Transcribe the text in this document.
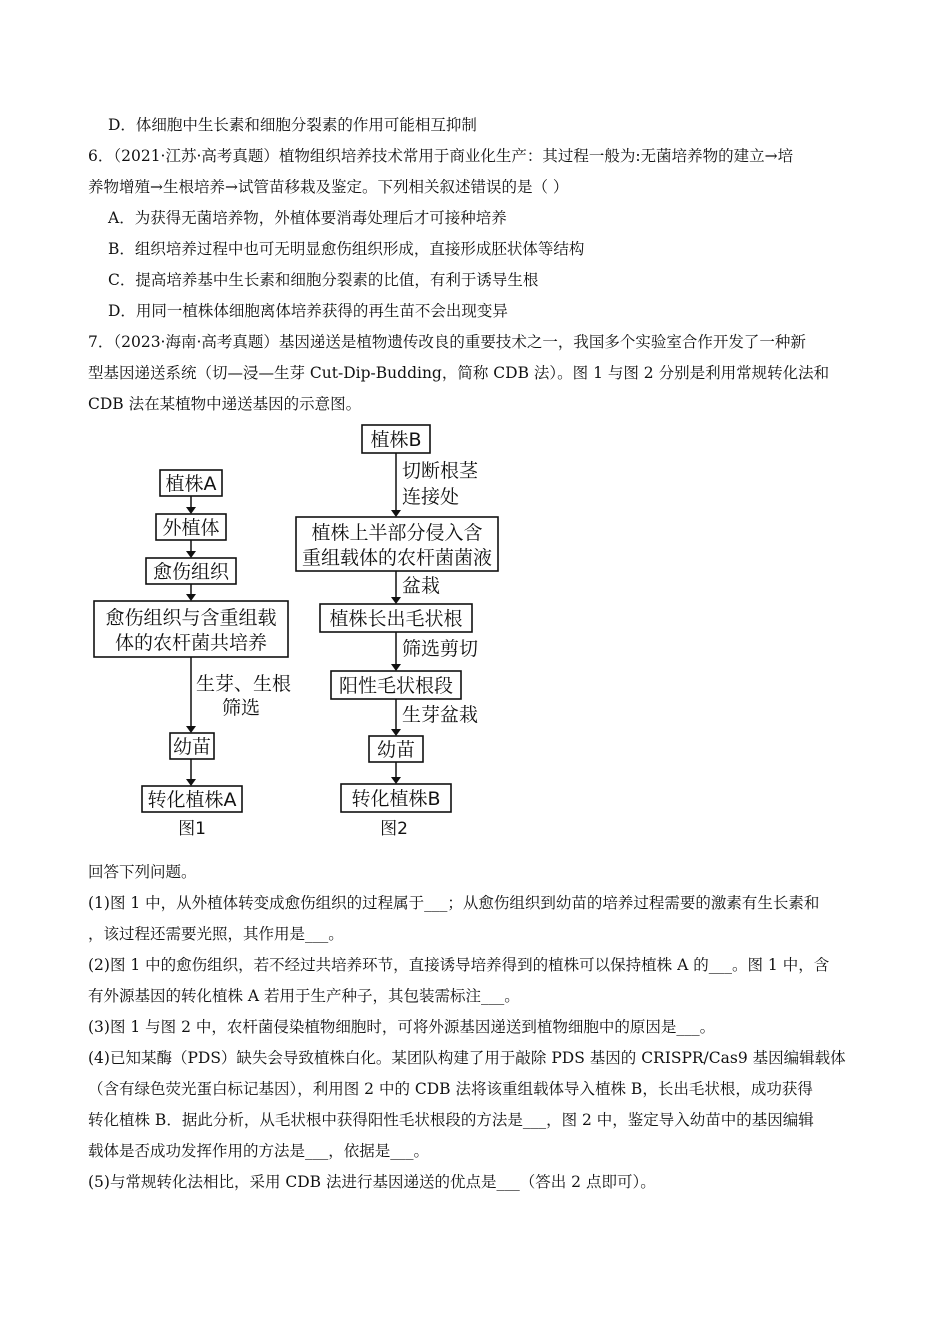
D．体细胞中生长素和细胞分裂素的作用可能相互抑制
6．（2021·江苏·高考真题）植物组织培养技术常用于商业化生产：其过程一般为:无菌培养物的建立→培
养物增殖→生根培养→试管苗移栽及鉴定。下列相关叙述错误的是（ ）
A．为获得无菌培养物，外植体要消毒处理后才可接种培养
B．组织培养过程中也可无明显愈伤组织形成，直接形成胚状体等结构
C．提高培养基中生长素和细胞分裂素的比值，有利于诱导生根
D．用同一植株体细胞离体培养获得的再生苗不会出现变异
7．（2023·海南·高考真题）基因递送是植物遗传改良的重要技术之一，我国多个实验室合作开发了一种新
型基因递送系统（切—浸—生芽 Cut-Dip-Budding，简称 CDB 法）。图 1 与图 2 分别是利用常规转化法和
CDB 法在某植物中递送基因的示意图。
植株A
外植体
愈伤组织
愈伤组织与含重组载
体的农杆菌共培养
生芽、生根
筛选
幼苗
转化植株A
图1
植株B
切断根茎
连接处
植株上半部分侵入含
重组载体的农杆菌菌液
盆栽
植株长出毛状根
筛选剪切
阳性毛状根段
生芽盆栽
幼苗
转化植株B
图2
回答下列问题。
(1)图 1 中，从外植体转变成愈伤组织的过程属于___；从愈伤组织到幼苗的培养过程需要的激素有生长素和
，该过程还需要光照，其作用是___。
(2)图 1 中的愈伤组织，若不经过共培养环节，直接诱导培养得到的植株可以保持植株 A 的___。图 1 中，含
有外源基因的转化植株 A 若用于生产种子，其包装需标注___。
(3)图 1 与图 2 中，农杆菌侵染植物细胞时，可将外源基因递送到植物细胞中的原因是___。
(4)已知某酶（PDS）缺失会导致植株白化。某团队构建了用于敲除 PDS 基因的 CRISPR/Cas9 基因编辑载体
（含有绿色荧光蛋白标记基因），利用图 2 中的 CDB 法将该重组载体导入植株 B，长出毛状根，成功获得
转化植株 B．据此分析，从毛状根中获得阳性毛状根段的方法是___，图 2 中，鉴定导入幼苗中的基因编辑
载体是否成功发挥作用的方法是___，依据是___。
(5)与常规转化法相比，采用 CDB 法进行基因递送的优点是___（答出 2 点即可）。
